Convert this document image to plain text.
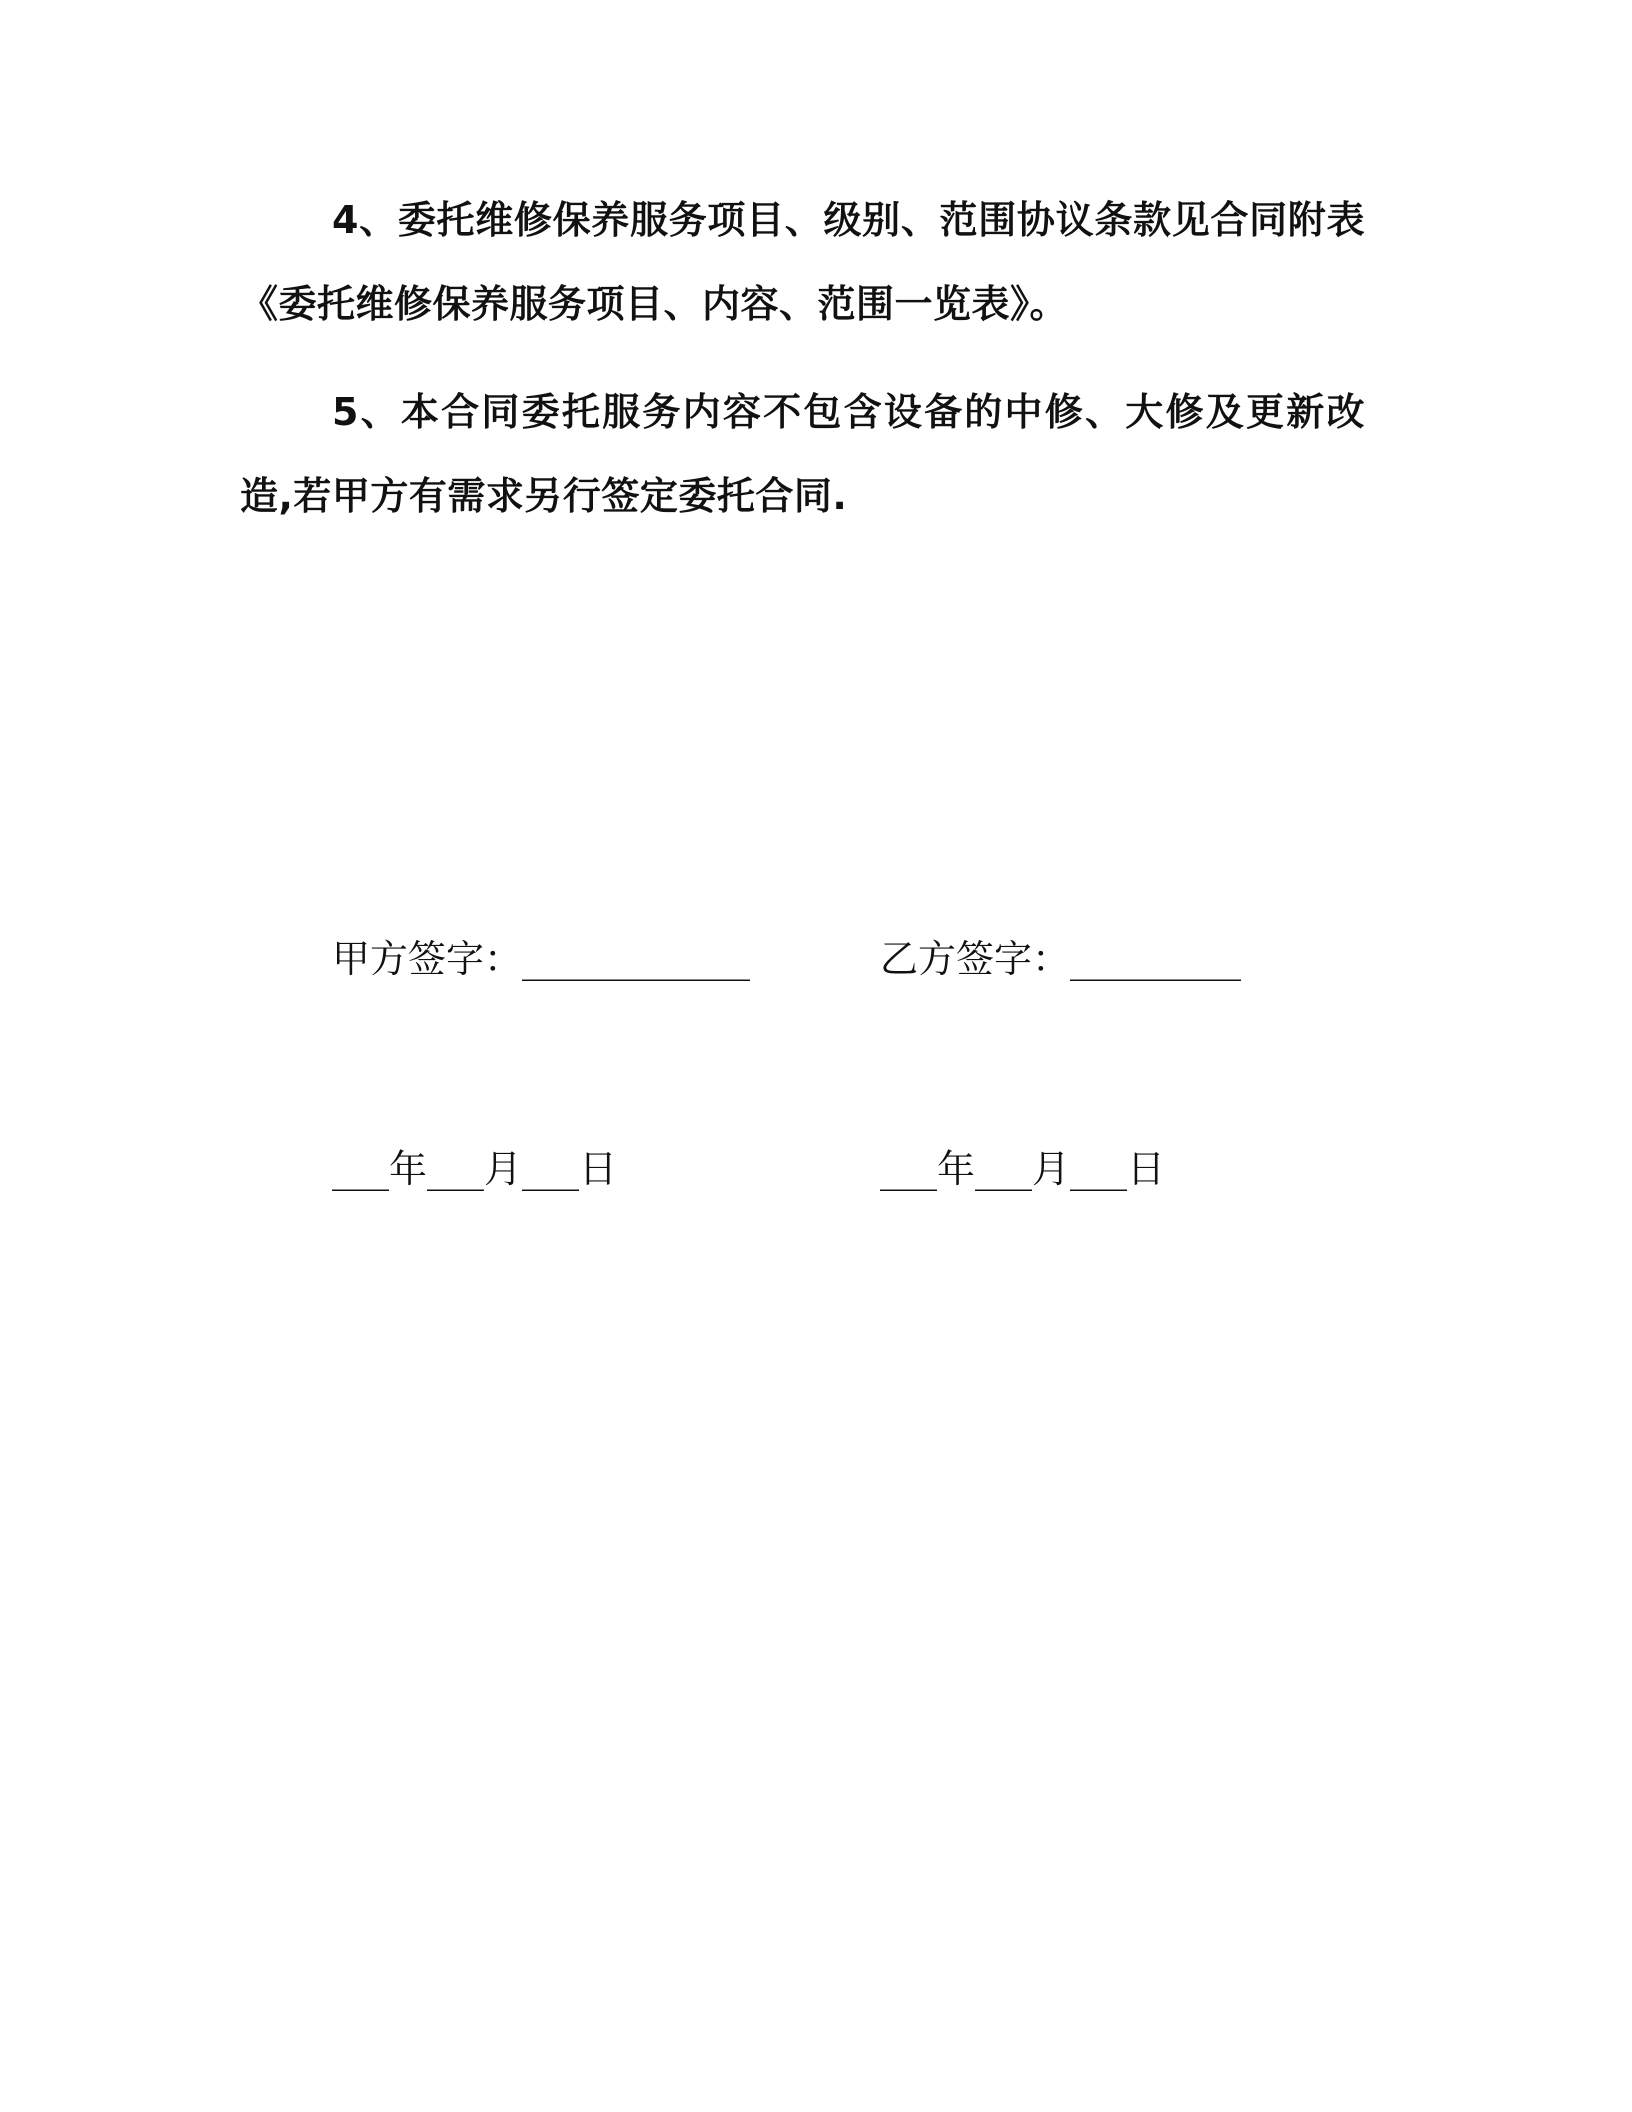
4、委托维修保养服务项目、级别、范围协议条款见合同附表《委托维修保养服务项目、内容、范围一览表》。

5、本合同委托服务内容不包含设备的中修、大修及更新改造,若甲方有需求另行签定委托合同.

甲方签字：____________

___年___月___日

乙方签字：_________

___年___月___日
